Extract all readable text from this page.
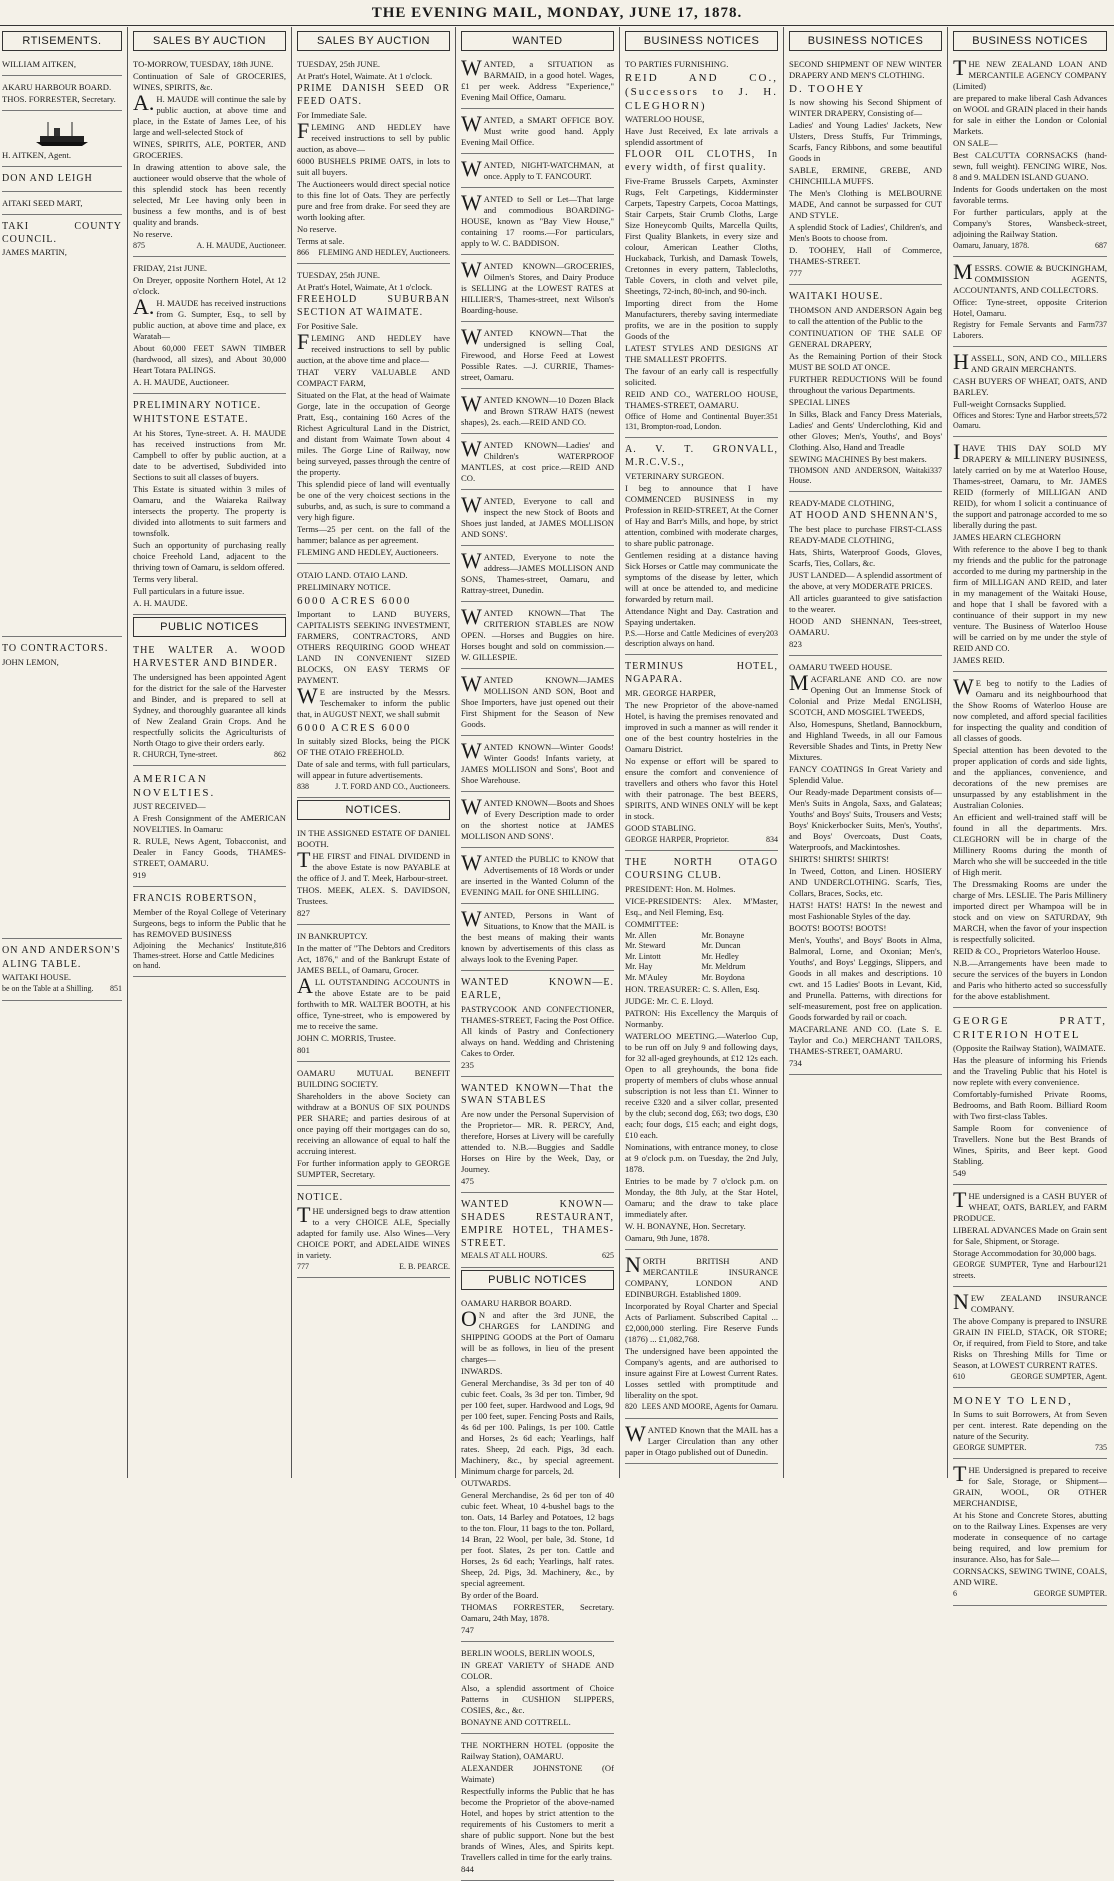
THE EVENING MAIL, MONDAY, JUNE 17, 1878.
RTISEMENTS.

WILLIAM AITKEN,

AKARU HARBOUR BOARD.

THOS. FORRESTER, Secretary.

H. AITKEN, Agent.

DON AND LEIGH

AITAKI SEED MART,

TAKI COUNTY COUNCIL.

JAMES MARTIN,

TO CONTRACTORS.

JOHN LEMON,

ON AND ANDERSON'S

ALING TABLE.

WAITAKI HOUSE.

be on the Table at a Shilling. 851

SALES BY AUCTION

TO-MORROW, TUESDAY, 18th JUNE.

Continuation of Sale of GROCERIES, WINES, SPIRITS, &c.

A.H. MAUDE will continue the sale by public auction, at above time and place, in the Estate of James Lee, of his large and well-selected Stock of

WINES, SPIRITS, ALE, PORTER, AND GROCERIES.

In drawing attention to above sale, the auctioneer would observe that the whole of this splendid stock has been recently selected, Mr Lee having only been in business a few months, and is of best quality and brands.

No reserve.

875	A. H. MAUDE, Auctioneer.

FRIDAY, 21st JUNE.

On Dreyer, opposite Northern Hotel, At 12 o'clock.

A.H. MAUDE has received instructions from G. Sumpter, Esq., to sell by public auction, at above time and place, ex Waratah—

About 60,000 FEET SAWN TIMBER (hardwood, all sizes), and About 30,000 Heart Totara PALINGS.

A. H. MAUDE, Auctioneer.

PRELIMINARY NOTICE.

WHITSTONE ESTATE.

At his Stores, Tyne-street. A. H. MAUDE has received instructions from Mr. Campbell to offer by public auction, at a date to be advertised, Subdivided into Sections to suit all classes of buyers.

This Estate is situated within 3 miles of Oamaru, and the Waiareka Railway intersects the property. The property is divided into allotments to suit farmers and townsfolk.

Such an opportunity of purchasing really choice Freehold Land, adjacent to the thriving town of Oamaru, is seldom offered.

Terms very liberal.

Full particulars in a future issue.

A. H. MAUDE.

PUBLIC NOTICES

THE WALTER A. WOOD HARVESTER AND BINDER.

The undersigned has been appointed Agent for the district for the sale of the Harvester and Binder, and is prepared to sell at Sydney, and thoroughly guarantee all kinds of New Zealand Grain Crops. And he respectfully solicits the Agriculturists of North Otago to give their orders early.

R. CHURCH, Tyne-street.	862

AMERICAN NOVELTIES.

JUST RECEIVED—

A Fresh Consignment of the AMERICAN NOVELTIES. In Oamaru:

R. RULE, News Agent, Tobacconist, and Dealer in Fancy Goods, THAMES-STREET, OAMARU.

919

FRANCIS ROBERTSON,

Member of the Royal College of Veterinary Surgeons, begs to inform the Public that he has REMOVED BUSINESS

Adjoining the Mechanics' Institute, Thames-street. Horse and Cattle Medicines on hand.
816

SALES BY AUCTION

TUESDAY, 25th JUNE.

At Pratt's Hotel, Waimate. At 1 o'clock.

PRIME DANISH SEED OR FEED OATS.

For Immediate Sale.

FLEMING AND HEDLEY have received instructions to sell by public auction, as above—

6000 BUSHELS PRIME OATS, in lots to suit all buyers.

The Auctioneers would direct special notice to this fine lot of Oats. They are perfectly pure and free from drake. For seed they are worth looking after.

No reserve.

Terms at sale.

866 FLEMING AND HEDLEY, Auctioneers.

TUESDAY, 25th JUNE.

At Pratt's Hotel, Waimate, At 1 o'clock.

FREEHOLD SUBURBAN SECTION AT WAIMATE.

For Positive Sale.

FLEMING AND HEDLEY have received instructions to sell by public auction, at the above time and place—

THAT VERY VALUABLE AND COMPACT FARM,

Situated on the Flat, at the head of Waimate Gorge, late in the occupation of George Pratt, Esq., containing 160 Acres of the Richest Agricultural Land in the District, and distant from Waimate Town about 4 miles. The Gorge Line of Railway, now being surveyed, passes through the centre of the property.

This splendid piece of land will eventually be one of the very choicest sections in the suburbs, and, as such, is sure to command a very high figure.

Terms—25 per cent. on the fall of the hammer; balance as per agreement.

FLEMING AND HEDLEY, Auctioneers.

OTAIO LAND. OTAIO LAND.

PRELIMINARY NOTICE.

6000 ACRES 6000

Important to LAND BUYERS, CAPITALISTS SEEKING INVESTMENT, FARMERS, CONTRACTORS, AND OTHERS REQUIRING GOOD WHEAT LAND IN CONVENIENT SIZED BLOCKS, ON EASY TERMS OF PAYMENT.

WE are instructed by the Messrs. Teschemaker to inform the public that, in AUGUST NEXT, we shall submit

6000 ACRES 6000

In suitably sized Blocks, being the PICK OF THE OTAIO FREEHOLD.

Date of sale and terms, with full particulars, will appear in future advertisements.

838	J. T. FORD AND CO., Auctioneers.

NOTICES.

IN THE ASSIGNED ESTATE OF DANIEL BOOTH.

THE FIRST and FINAL DIVIDEND in the above Estate is now PAYABLE at the office of J. and T. Meek, Harbour-street.

THOS. MEEK, ALEX. S. DAVIDSON, Trustees.

827

IN BANKRUPTCY.

In the matter of "The Debtors and Creditors Act, 1876," and of the Bankrupt Estate of JAMES BELL, of Oamaru, Grocer.

ALL OUTSTANDING ACCOUNTS in the above Estate are to be paid forthwith to MR. WALTER BOOTH, at his office, Tyne-street, who is empowered by me to receive the same.

JOHN C. MORRIS, Trustee.

801

OAMARU MUTUAL BENEFIT BUILDING SOCIETY.

Shareholders in the above Society can withdraw at a BONUS OF SIX POUNDS PER SHARE; and parties desirous of at once paying off their mortgages can do so, receiving an allowance of equal to half the accruing interest.

For further information apply to GEORGE SUMPTER, Secretary.

NOTICE.

THE undersigned begs to draw attention to a very CHOICE ALE, Specially adapted for family use. Also Wines—Very CHOICE PORT, and ADELAIDE WINES in variety.

777	E. B. PEARCE.

WANTED

WANTED, a SITUATION as BARMAID, in a good hotel. Wages, £1 per week. Address "Experience," Evening Mail Office, Oamaru.

WANTED, a SMART OFFICE BOY. Must write good hand. Apply Evening Mail Office.

WANTED, NIGHT-WATCHMAN, at once. Apply to T. FANCOURT.

WANTED to Sell or Let—That large and commodious BOARDING-HOUSE, known as "Bay View House," containing 17 rooms.—For particulars, apply to W. C. BADDISON.

WANTED KNOWN—GROCERIES, Oilmen's Stores, and Dairy Produce is SELLING at the LOWEST RATES at HILLIER'S, Thames-street, next Wilson's Boarding-house.

WANTED KNOWN—That the undersigned is selling Coal, Firewood, and Horse Feed at Lowest Possible Rates. —J. CURRIE, Thames-street, Oamaru.

WANTED KNOWN—10 Dozen Black and Brown STRAW HATS (newest shapes), 2s. each.—REID AND CO.

WANTED KNOWN—Ladies' and Children's WATERPROOF MANTLES, at cost price.—REID AND CO.

WANTED, Everyone to call and inspect the new Stock of Boots and Shoes just landed, at JAMES MOLLISON AND SONS'.

WANTED, Everyone to note the address—JAMES MOLLISON AND SONS, Thames-street, Oamaru, and Rattray-street, Dunedin.

WANTED KNOWN—That The CRITERION STABLES are NOW OPEN. —Horses and Buggies on hire. Horses bought and sold on commission.— W. GILLESPIE.

WANTED KNOWN—JAMES MOLLISON AND SON, Boot and Shoe Importers, have just opened out their First Shipment for the Season of New Goods.

WANTED KNOWN—Winter Goods! Winter Goods! Infants variety, at JAMES MOLLISON and Sons', Boot and Shoe Warehouse.

WANTED KNOWN—Boots and Shoes of Every Description made to order on the shortest notice at JAMES MOLLISON AND SONS'.

WANTED the PUBLIC to KNOW that Advertisements of 18 Words or under are inserted in the Wanted Column of the EVENING MAIL for ONE SHILLING.

WANTED, Persons in Want of Situations, to Know that the MAIL is the best means of making their wants known by advertisements of this class as always look to the Evening Paper.

WANTED KNOWN—E. EARLE,

PASTRYCOOK AND CONFECTIONER, THAMES-STREET, Facing the Post Office. All kinds of Pastry and Confectionery always on hand. Wedding and Christening Cakes to Order.

235

WANTED KNOWN—That the SWAN STABLES

Are now under the Personal Supervision of the Proprietor— MR. R. PERCY, And, therefore, Horses at Livery will be carefully attended to. N.B.—Buggies and Saddle Horses on Hire by the Week, Day, or Journey.

475

WANTED KNOWN— SHADES RESTAURANT, EMPIRE HOTEL, THAMES-STREET.

MEALS AT ALL HOURS.	625

PUBLIC NOTICES

OAMARU HARBOR BOARD.

ON and after the 3rd JUNE, the CHARGES for LANDING and SHIPPING GOODS at the Port of Oamaru will be as follows, in lieu of the present charges—

INWARDS.

General Merchandise, 3s 3d per ton of 40 cubic feet. Coals, 3s 3d per ton. Timber, 9d per 100 feet, super. Hardwood and Logs, 9d per 100 feet, super. Fencing Posts and Rails, 4s 6d per 100. Palings, 1s per 100. Cattle and Horses, 2s 6d each; Yearlings, half rates. Sheep, 2d each. Pigs, 3d each. Machinery, &c., by special agreement. Minimum charge for parcels, 2d.

OUTWARDS.

General Merchandise, 2s 6d per ton of 40 cubic feet. Wheat, 10 4-bushel bags to the ton. Oats, 14 Barley and Potatoes, 12 bags to the ton. Flour, 11 bags to the ton. Pollard, 14 Bran, 22 Wool, per bale, 3d. Stone, 1d per foot. Slates, 2s per ton. Cattle and Horses, 2s 6d each; Yearlings, half rates. Sheep, 2d. Pigs, 3d. Machinery, &c., by special agreement.

By order of the Board.

THOMAS FORRESTER, Secretary. Oamaru, 24th May, 1878.

747

BERLIN WOOLS, BERLIN WOOLS,

IN GREAT VARIETY of SHADE AND COLOR.

Also, a splendid assortment of Choice Patterns in CUSHION SLIPPERS, COSIES, &c., &c.

BONAYNE AND COTTRELL.

THE NORTHERN HOTEL (opposite the Railway Station), OAMARU.

ALEXANDER JOHNSTONE (Of Waimate)

Respectfully informs the Public that he has become the Proprietor of the above-named Hotel, and hopes by strict attention to the requirements of his Customers to merit a share of public support. None but the best brands of Wines, Ales, and Spirits kept. Travellers called in time for the early trains.

844

BUSINESS NOTICES

TO PARTIES FURNISHING.

REID AND CO., (Successors to J. H. CLEGHORN)

WATERLOO HOUSE,

Have Just Received, Ex late arrivals a splendid assortment of

FLOOR OIL CLOTHS, In every width, of first quality.

Five-Frame Brussels Carpets, Axminster Rugs, Felt Carpetings, Kidderminster Carpets, Tapestry Carpets, Cocoa Mattings, Stair Carpets, Stair Crumb Cloths, Large Size Honeycomb Quilts, Marcella Quilts, First Quality Blankets, in every size and colour, American Leather Cloths, Huckaback, Turkish, and Damask Towels, Cretonnes in every pattern, Tablecloths, Table Covers, in cloth and velvet pile, Sheetings, 72-inch, 80-inch, and 90-inch.

Importing direct from the Home Manufacturers, thereby saving intermediate profits, we are in the position to supply Goods of the

LATEST STYLES AND DESIGNS AT THE SMALLEST PROFITS.

The favour of an early call is respectfully solicited.

REID AND CO., WATERLOO HOUSE, THAMES-STREET, OAMARU.

Office of Home and Continental Buyer: 131, Brompton-road, London.
351

A. V. T. GRONVALL, M.R.C.V.S.,

VETERINARY SURGEON.

I beg to announce that I have COMMENCED BUSINESS in my Profession in REID-STREET, At the Corner of Hay and Barr's Mills, and hope, by strict attention, combined with moderate charges, to share public patronage.

Gentlemen residing at a distance having Sick Horses or Cattle may communicate the symptoms of the disease by letter, which will at once be attended to, and medicine forwarded by return mail.

Attendance Night and Day. Castration and Spaying undertaken.

P.S.—Horse and Cattle Medicines of every description always on hand.
203

TERMINUS HOTEL, NGAPARA.

MR. GEORGE HARPER,

The new Proprietor of the above-named Hotel, is having the premises renovated and improved in such a manner as will render it one of the best country hostelries in the Oamaru District.

No expense or effort will be spared to ensure the comfort and convenience of travellers and others who favor this Hotel with their patronage. The best BEERS, SPIRITS, AND WINES ONLY will be kept in stock.

GOOD STABLING.

GEORGE HARPER, Proprietor.	834

THE NORTH OTAGO COURSING CLUB.

PRESIDENT: Hon. M. Holmes.

VICE-PRESIDENTS: Alex. M'Master, Esq., and Neil Fleming, Esq.

COMMITTEE:

Mr. Allen	Mr. Bonayne
Mr. Steward	Mr. Duncan
Mr. Lintott	Mr. Hedley
Mr. Hay	Mr. Meldrum
Mr. M'Auley	Mr. Boydona

HON. TREASURER: C. S. Allen, Esq.

JUDGE: Mr. C. E. Lloyd.

PATRON: His Excellency the Marquis of Normanby.

WATERLOO MEETING.—Waterloo Cup, to be run off on July 9 and following days, for 32 all-aged greyhounds, at £12 12s each. Open to all greyhounds, the bona fide property of members of clubs whose annual subscription is not less than £1. Winner to receive £320 and a silver collar, presented by the club; second dog, £63; two dogs, £30 each; four dogs, £15 each; and eight dogs, £10 each.

Nominations, with entrance money, to close at 9 o'clock p.m. on Tuesday, the 2nd July, 1878.

Entries to be made by 7 o'clock p.m. on Monday, the 8th July, at the Star Hotel, Oamaru; and the draw to take place immediately after.

W. H. BONAYNE, Hon. Secretary.

Oamaru, 9th June, 1878.

NORTH BRITISH AND MERCANTILE INSURANCE COMPANY, LONDON AND EDINBURGH. Established 1809.

Incorporated by Royal Charter and Special Acts of Parliament. Subscribed Capital ... £2,000,000 sterling. Fire Reserve Funds (1876) ... £1,082,768.

The undersigned have been appointed the Company's agents, and are authorised to insure against Fire at Lowest Current Rates. Losses settled with promptitude and liberality on the spot.

820 LEES AND MOORE, Agents for Oamaru.

WANTED Known that the MAIL has a Larger Circulation than any other paper in Otago published out of Dunedin.

BUSINESS NOTICES

SECOND SHIPMENT OF NEW WINTER DRAPERY AND MEN'S CLOTHING.

D. TOOHEY

Is now showing his Second Shipment of WINTER DRAPERY, Consisting of—

Ladies' and Young Ladies' Jackets, New Ulsters, Dress Stuffs, Fur Trimmings, Scarfs, Fancy Ribbons, and some beautiful Goods in

SABLE, ERMINE, GREBE, AND CHINCHILLA MUFFS.

The Men's Clothing is MELBOURNE MADE, And cannot be surpassed for CUT AND STYLE.

A splendid Stock of Ladies', Children's, and Men's Boots to choose from.

D. TOOHEY, Hall of Commerce, THAMES-STREET.

777

WAITAKI HOUSE.

THOMSON AND ANDERSON Again beg to call the attention of the Public to the

CONTINUATION OF THE SALE OF GENERAL DRAPERY,

As the Remaining Portion of their Stock MUST BE SOLD AT ONCE.

FURTHER REDUCTIONS Will be found throughout the various Departments.

SPECIAL LINES

In Silks, Black and Fancy Dress Materials, Ladies' and Gents' Underclothing, Kid and other Gloves; Men's, Youths', and Boys' Clothing. Also, Hand and Treadle

SEWING MACHINES By best makers.

THOMSON AND ANDERSON, Waitaki House.
337

READY-MADE CLOTHING,

AT HOOD AND SHENNAN'S,

The best place to purchase FIRST-CLASS READY-MADE CLOTHING,

Hats, Shirts, Waterproof Goods, Gloves, Scarfs, Ties, Collars, &c.

JUST LANDED— A splendid assortment of the above, at very MODERATE PRICES.

All articles guaranteed to give satisfaction to the wearer.

HOOD AND SHENNAN, Tees-street, OAMARU.

823

OAMARU TWEED HOUSE.

MACFARLANE AND CO. are now Opening Out an Immense Stock of Colonial and Prize Medal ENGLISH, SCOTCH, AND MOSGIEL TWEEDS,

Also, Homespuns, Shetland, Bannockburn, and Highland Tweeds, in all our Famous Reversible Shades and Tints, in Pretty New Mixtures.

FANCY COATINGS In Great Variety and Splendid Value.

Our Ready-made Department consists of— Men's Suits in Angola, Saxs, and Galateas; Youths' and Boys' Suits, Trousers and Vests; Boys' Knickerbocker Suits, Men's, Youths', and Boys' Overcoats, Dust Coats, Waterproofs, and Mackintoshes.

SHIRTS! SHIRTS! SHIRTS!

In Tweed, Cotton, and Linen. HOSIERY AND UNDERCLOTHING. Scarfs, Ties, Collars, Braces, Socks, etc.

HATS! HATS! HATS! In the newest and most Fashionable Styles of the day.

BOOTS! BOOTS! BOOTS!

Men's, Youths', and Boys' Boots in Alma, Balmoral, Lorne, and Oxonian; Men's, Youths', and Boys' Leggings, Slippers, and Goods in all makes and descriptions. 10 cwt. and 15 Ladies' Boots in Levant, Kid, and Prunella. Patterns, with directions for self-measurement, post free on application. Goods forwarded by rail or coach.

MACFARLANE AND CO. (Late S. E. Taylor and Co.) MERCHANT TAILORS, THAMES-STREET, OAMARU.

734

BUSINESS NOTICES

THE NEW ZEALAND LOAN AND MERCANTILE AGENCY COMPANY (Limited)

are prepared to make liberal Cash Advances on WOOL and GRAIN placed in their hands for sale in either the London or Colonial Markets.

ON SALE—

Best CALCUTTA CORNSACKS (hand-sewn, full weight). FENCING WIRE, Nos. 8 and 9. MALDEN ISLAND GUANO.

Indents for Goods undertaken on the most favorable terms.

For further particulars, apply at the Company's Stores, Wansbeck-street, adjoining the Railway Station.

Oamaru, January, 1878.	687

MESSRS. COWIE & BUCKINGHAM, COMMISSION AGENTS, ACCOUNTANTS, AND COLLECTORS.

Office: Tyne-street, opposite Criterion Hotel, Oamaru.

Registry for Female Servants and Farm Laborers.
737

HASSELL, SON, AND CO., MILLERS AND GRAIN MERCHANTS.

CASH BUYERS OF WHEAT, OATS, AND BARLEY.

Full-weight Cornsacks Supplied.

Offices and Stores: Tyne and Harbor streets, Oamaru.
572

IHAVE THIS DAY SOLD MY DRAPERY & MILLINERY BUSINESS, lately carried on by me at Waterloo House, Thames-street, Oamaru, to Mr. JAMES REID (formerly of MILLIGAN AND REID), for whom I solicit a continuance of the support and patronage accorded to me so liberally during the past.

JAMES HEARN CLEGHORN

With reference to the above I beg to thank my friends and the public for the patronage accorded to me during my partnership in the firm of MILLIGAN AND REID, and later in my management of the Waitaki House, and hope that I shall be favored with a continuance of their support in my new venture. The Business of Waterloo House will be carried on by me under the style of REID AND CO.

JAMES REID.

WE beg to notify to the Ladies of Oamaru and its neighbourhood that the Show Rooms of Waterloo House are now completed, and afford special facilities for inspecting the quality and condition of all classes of goods.

Special attention has been devoted to the proper application of cords and side lights, and the appliances, convenience, and decorations of the new premises are unsurpassed by any establishment in the Australian Colonies.

An efficient and well-trained staff will be found in all the departments. Mrs. CLEGHORN will be in charge of the Millinery Rooms during the month of March who she will be succeeded in the title of High merit.

The Dressmaking Rooms are under the charge of Mrs. LESLIE. The Paris Millinery imported direct per Whampoa will be in stock and on view on SATURDAY, 9th MARCH, when the favor of your inspection is respectfully solicited.

REID & CO., Proprietors Waterloo House.

N.B.—Arrangements have been made to secure the services of the buyers in London and Paris who hitherto acted so successfully for the above establishment.

GEORGE PRATT, CRITERION HOTEL

(Opposite the Railway Station), WAIMATE.

Has the pleasure of informing his Friends and the Traveling Public that his Hotel is now replete with every convenience.

Comfortably-furnished Private Rooms, Bedrooms, and Bath Room. Billiard Room with Two first-class Tables.

Sample Room for convenience of Travellers. None but the Best Brands of Wines, Spirits, and Beer kept. Good Stabling.

549

THE undersigned is a CASH BUYER of WHEAT, OATS, BARLEY, and FARM PRODUCE.

LIBERAL ADVANCES Made on Grain sent for Sale, Shipment, or Storage.

Storage Accommodation for 30,000 bags.

GEORGE SUMPTER, Tyne and Harbour streets.
121

NEW ZEALAND INSURANCE COMPANY.

The above Company is prepared to INSURE GRAIN IN FIELD, STACK, OR STORE; Or, if required, from Field to Store, and take Risks on Threshing Mills for Time or Season, at LOWEST CURRENT RATES.

610	GEORGE SUMPTER, Agent.

MONEY TO LEND,

In Sums to suit Borrowers, At from Seven per cent. interest. Rate depending on the nature of the Security.

GEORGE SUMPTER.	735

THE Undersigned is prepared to receive for Sale, Storage, or Shipment— GRAIN, WOOL, OR OTHER MERCHANDISE,

At his Stone and Concrete Stores, abutting on to the Railway Lines. Expenses are very moderate in consequence of no cartage being required, and low premium for insurance. Also, has for Sale—

CORNSACKS, SEWING TWINE, COALS, AND WIRE.

6	GEORGE SUMPTER.
